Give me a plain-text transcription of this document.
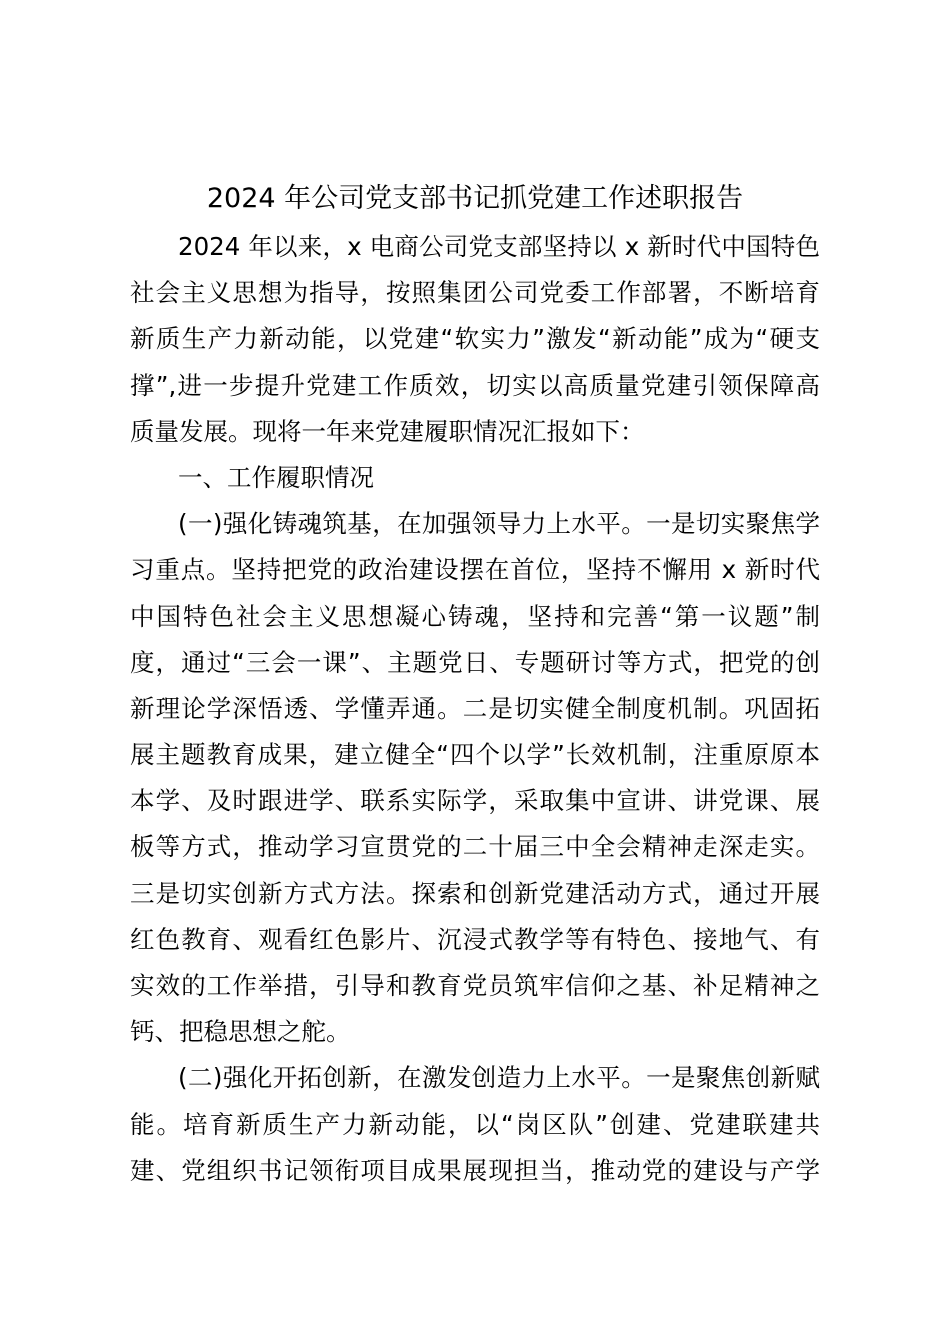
2024 年公司党支部书记抓党建工作述职报告
2024 年以来，x 电商公司党支部坚持以 x 新时代中国特色
社会主义思想为指导，按照集团公司党委工作部署，不断培育
新质生产力新动能，以党建“软实力”激发“新动能”成为“硬支
撑”,进一步提升党建工作质效，切实以高质量党建引领保障高
质量发展。现将一年来党建履职情况汇报如下：
一、工作履职情况
(一)强化铸魂筑基，在加强领导力上水平。一是切实聚焦学
习重点。坚持把党的政治建设摆在首位，坚持不懈用 x 新时代
中国特色社会主义思想凝心铸魂，坚持和完善“第一议题”制
度，通过“三会一课”、主题党日、专题研讨等方式，把党的创
新理论学深悟透、学懂弄通。二是切实健全制度机制。巩固拓
展主题教育成果，建立健全“四个以学”长效机制，注重原原本
本学、及时跟进学、联系实际学，采取集中宣讲、讲党课、展
板等方式，推动学习宣贯党的二十届三中全会精神走深走实。
三是切实创新方式方法。探索和创新党建活动方式，通过开展
红色教育、观看红色影片、沉浸式教学等有特色、接地气、有
实效的工作举措，引导和教育党员筑牢信仰之基、补足精神之
钙、把稳思想之舵。
(二)强化开拓创新，在激发创造力上水平。一是聚焦创新赋
能。培育新质生产力新动能，以“岗区队”创建、党建联建共
建、党组织书记领衔项目成果展现担当，推动党的建设与产学
